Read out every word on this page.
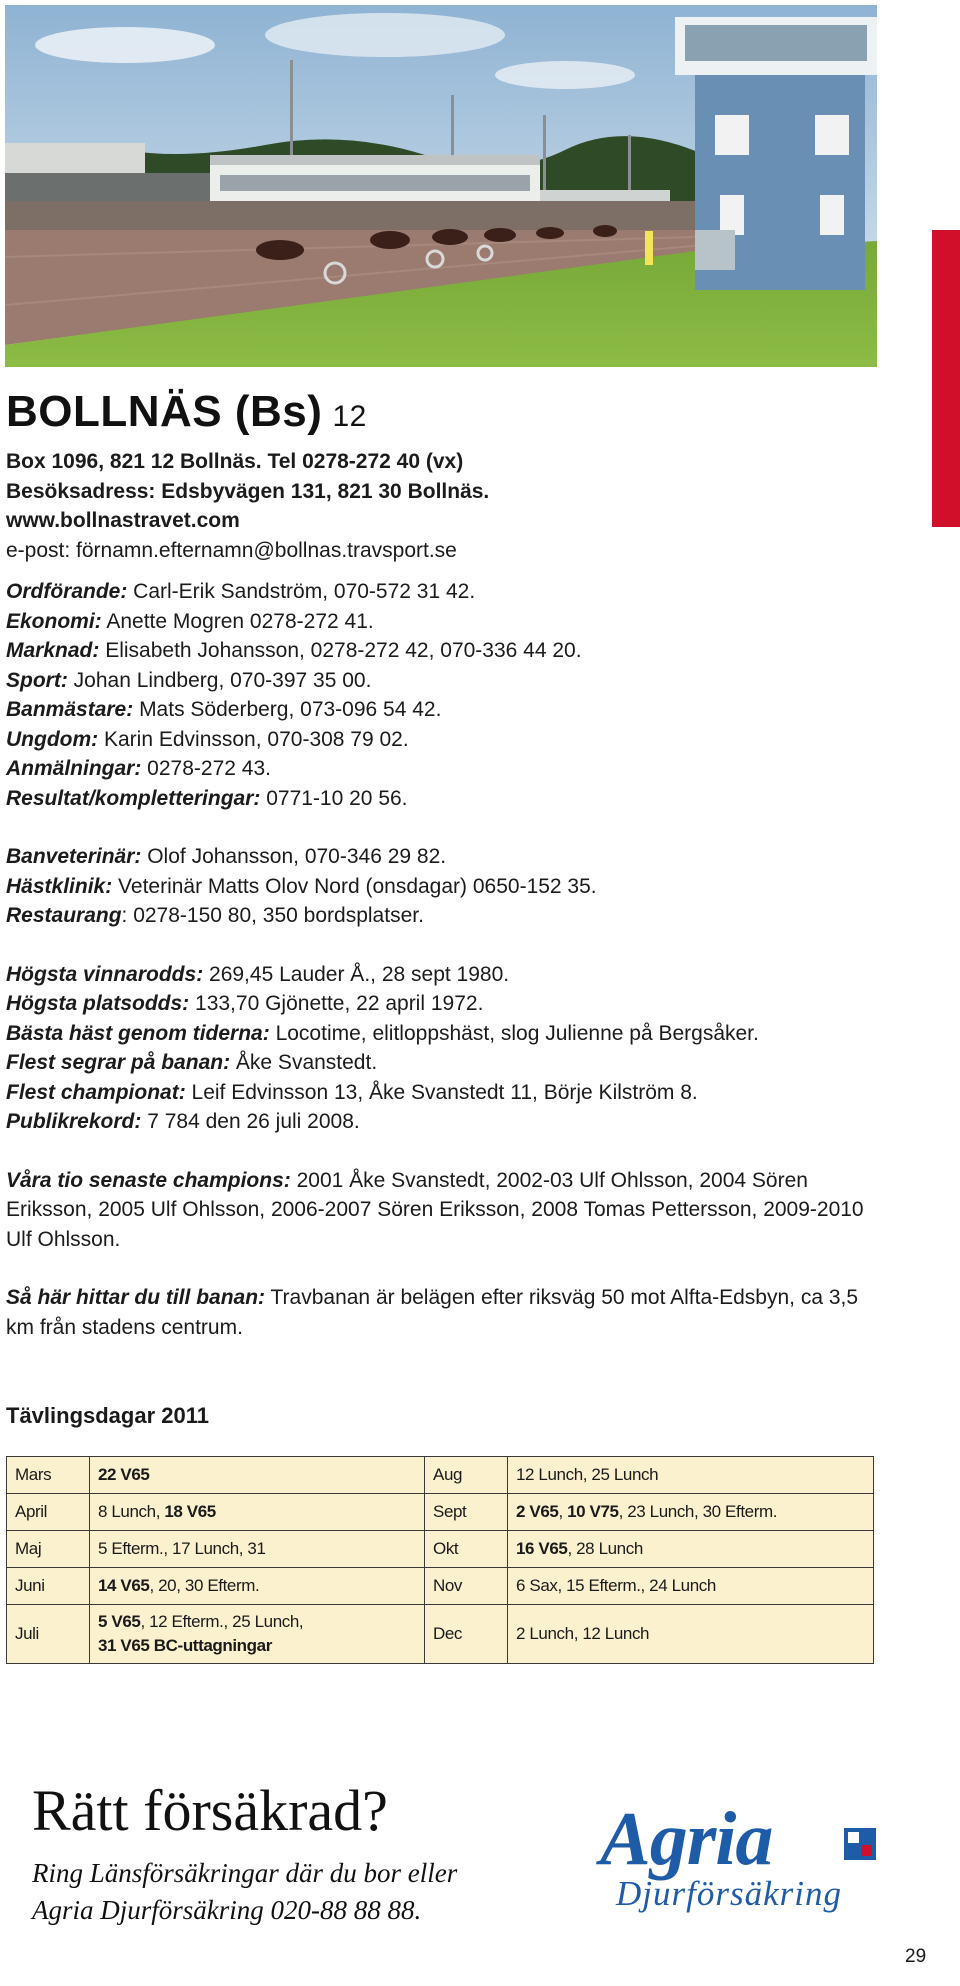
BOLLNÄS (Bs) 12

Box 1096, 821 12 Bollnäs. Tel 0278-272 40 (vx)

Besöksadress: Edsbyvägen 131, 821 30 Bollnäs.

www.bollnastravet.com

e-post: förnamn.efternamn@bollnas.travsport.se

Ordförande: Carl-Erik Sandström, 070-572 31 42.

Ekonomi: Anette Mogren 0278-272 41.

Marknad: Elisabeth Johansson, 0278-272 42, 070-336 44 20.

Sport: Johan Lindberg, 070-397 35 00.

Banmästare: Mats Söderberg, 073-096 54 42.

Ungdom: Karin Edvinsson, 070-308 79 02.

Anmälningar: 0278-272 43.

Resultat/kompletteringar: 0771-10 20 56.

Banveterinär: Olof Johansson, 070-346 29 82.

Hästklinik: Veterinär Matts Olov Nord (onsdagar) 0650-152 35.

Restaurang: 0278-150 80, 350 bordsplatser.

Högsta vinnarodds: 269,45 Lauder Å., 28 sept 1980.

Högsta platsodds: 133,70 Gjönette, 22 april 1972.

Bästa häst genom tiderna: Locotime, elitloppshäst, slog Julienne på Bergsåker.

Flest segrar på banan: Åke Svanstedt.

Flest championat: Leif Edvinsson 13, Åke Svanstedt 11, Börje Kilström 8.

Publikrekord: 7 784 den 26 juli 2008.

Våra tio senaste champions: 2001 Åke Svanstedt, 2002-03 Ulf Ohlsson, 2004 Sören Eriksson, 2005 Ulf Ohlsson, 2006-2007 Sören Eriksson, 2008 Tomas Pettersson, 2009-2010 Ulf Ohlsson.

Så här hittar du till banan: Travbanan är belägen efter riksväg 50 mot Alfta-Edsbyn, ca 3,5 km från stadens centrum.

Tävlingsdagar 2011
Mars	22 V65	Aug	12 Lunch, 25 Lunch

April	8 Lunch, 18 V65	Sept	2 V65, 10 V75, 23 Lunch, 30 Efterm.

Maj	5 Efterm., 17 Lunch, 31	Okt	16 V65, 28 Lunch

Juni	14 V65, 20, 30 Efterm.	Nov	6 Sax, 15 Efterm., 24 Lunch

Juli	5 V65, 12 Efterm., 25 Lunch,
31 V65 BC-uttagningar	Dec	2 Lunch, 12 Lunch
Rätt försäkrad?
Ring Länsförsäkringar där du bor eller
Agria Djurförsäkring 020-88 88 88.
Agria
Djurförsäkring
29
